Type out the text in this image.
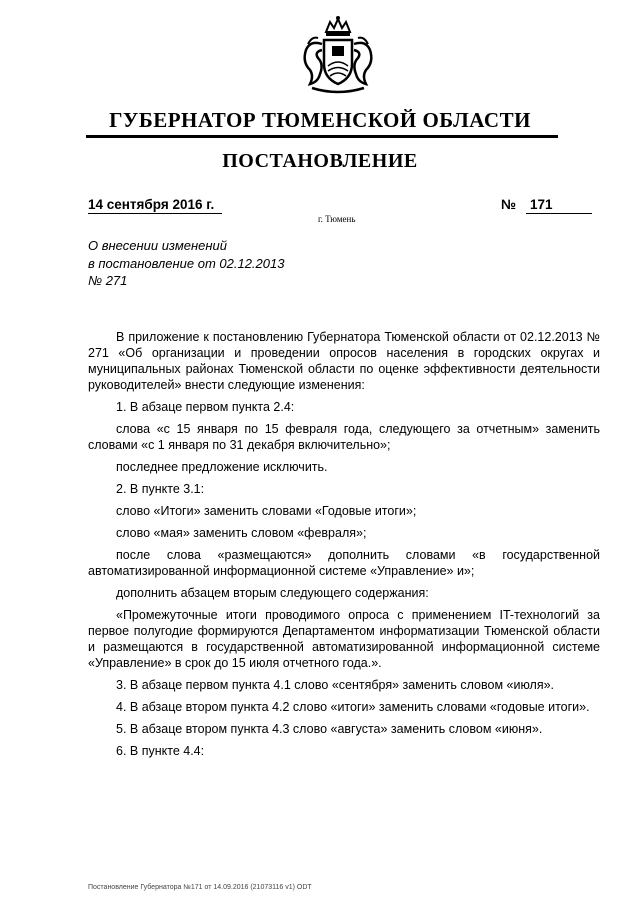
ГУБЕРНАТОР ТЮМЕНСКОЙ ОБЛАСТИ
ПОСТАНОВЛЕНИЕ
14 сентября 2016 г.	№ 171
г. Тюмень
О внесении изменений
в постановление от 02.12.2013
№ 271

В приложение к постановлению Губернатора Тюменской области от 02.12.2013 № 271 «Об организации и проведении опросов населения в городских округах и муниципальных районах Тюменской области по оценке эффективности деятельности руководителей» внести следующие изменения:

1. В абзаце первом пункта 2.4:

слова «с 15 января по 15 февраля года, следующего за отчетным» заменить словами «с 1 января по 31 декабря включительно»;

последнее предложение исключить.

2. В пункте 3.1:

слово «Итоги» заменить словами «Годовые итоги»;

слово «мая» заменить словом «февраля»;

после слова «размещаются» дополнить словами «в государственной автоматизированной информационной системе «Управление» и»;

дополнить абзацем вторым следующего содержания:

«Промежуточные итоги проводимого опроса с применением IT-технологий за первое полугодие формируются Департаментом информатизации Тюменской области и размещаются в государственной автоматизированной информационной системе «Управление» в срок до 15 июля отчетного года.».

3. В абзаце первом пункта 4.1 слово «сентября» заменить словом «июля».

4. В абзаце втором пункта 4.2 слово «итоги» заменить словами «годовые итоги».

5. В абзаце втором пункта 4.3 слово «августа» заменить словом «июня».

6. В пункте 4.4:

Постановление Губернатора №171 от 14.09.2016 (21073116 v1) ODT
